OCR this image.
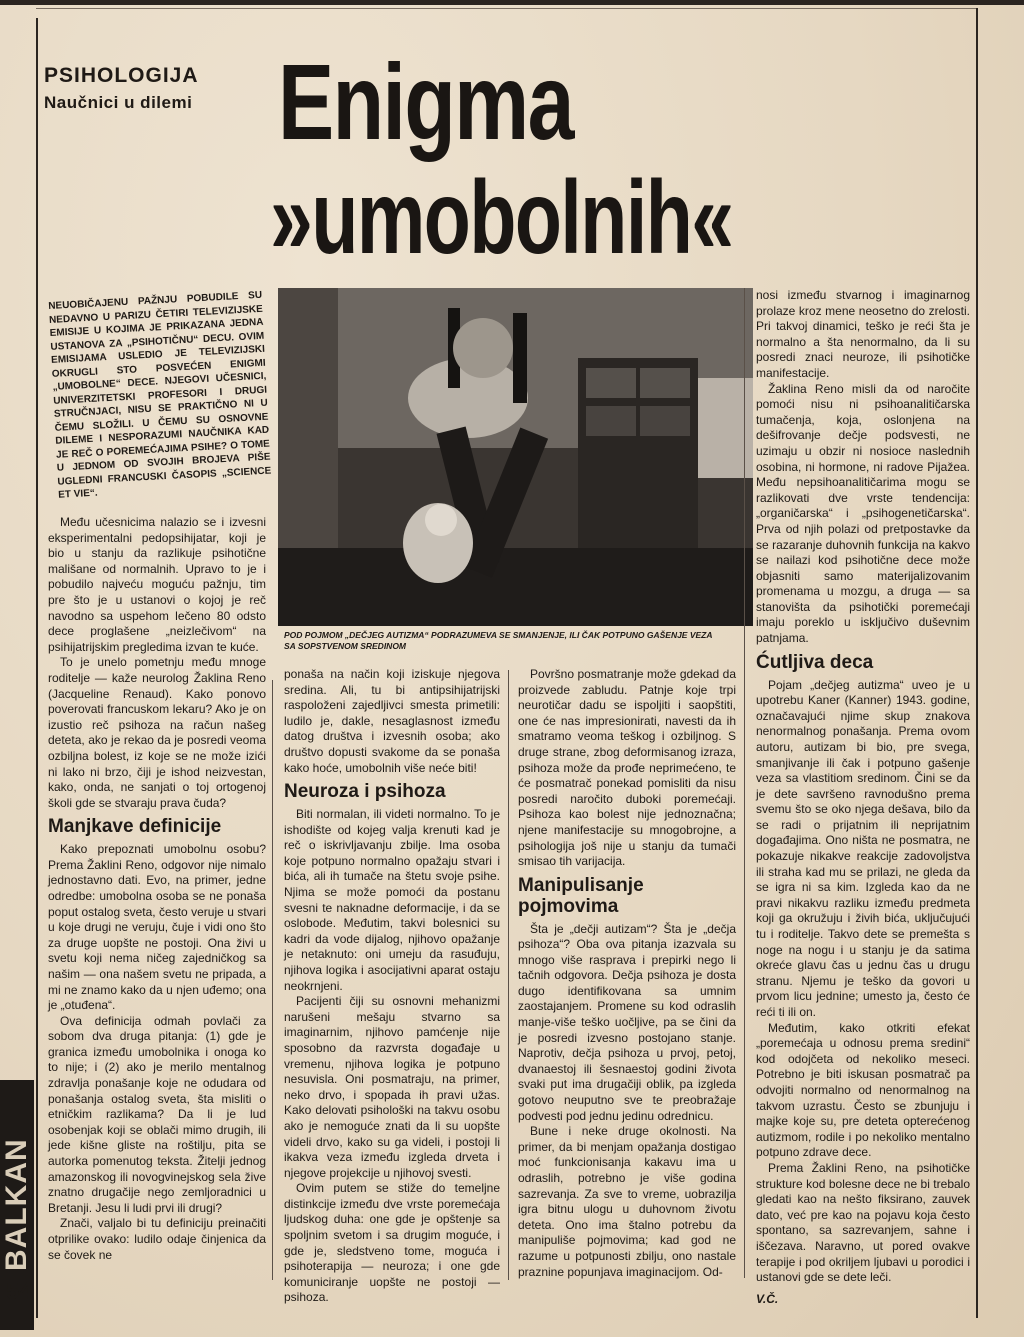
BALKAN
54
PSIHOLOGIJA
Naučnici u dilemi Enigma
»umobolnih«
NEUOBIČAJENU PAŽNJU POBUDILE SU NEDAVNO U PARIZU ČETIRI TELEVIZIJSKE EMISIJE U KOJIMA JE PRIKAZANA JEDNA USTANOVA ZA „PSIHOTIČNU“ DECU. OVIM EMISIJAMA USLEDIO JE TELEVIZIJSKI OKRUGLI STO POSVEĆEN ENIGMI „UMOBOLNE“ DECE. NJEGOVI UČESNICI, UNIVERZITETSKI PROFESORI I DRUGI STRUČNJACI, NISU SE PRAKTIČNO NI U ČEMU SLOŽILI. U ČEMU SU OSNOVNE DILEME I NESPORAZUMI NAUČNIKA KAD JE REČ O POREMEĆAJIMA PSIHE? O TOME U JEDNOM OD SVOJIH BROJEVA PIŠE UGLEDNI FRANCUSKI ČASOPIS „SCIENCE ET VIE“.
POD POJMOM „DEČJEG AUTIZMA“ PODRAZUMEVA SE SMANJENJE, ILI ČAK POTPUNO GAŠENJE VEZA SA SOPSTVENOM SREDINOM

Među učesnicima nalazio se i izvesni eksperimentalni pedopsihijatar, koji je bio u stanju da razlikuje psihotične mališane od normalnih. Upravo to je i pobudilo najveću moguću pažnju, tim pre što je u ustanovi o kojoj je reč navodno sa uspehom lečeno 80 odsto dece proglašene „neizlečivom“ na psihijatrijskim pregledima izvan te kuće.

To je unelo pometnju među mnoge roditelje — kaže neurolog Žaklina Reno (Jacqueline Renaud). Kako ponovo poverovati francuskom lekaru? Ako je on izustio reč psihoza na račun našeg deteta, ako je rekao da je posredi veoma ozbiljna bolest, iz koje se ne može izići ni lako ni brzo, čiji je ishod neizvestan, kako, onda, ne sanjati o toj ortogenoj školi gde se stvaraju prava čuda?

Manjkave definicije

Kako prepoznati umobolnu osobu? Prema Žaklini Reno, odgovor nije nimalo jednostavno dati. Evo, na primer, jedne odredbe: umobolna osoba se ne ponaša poput ostalog sveta, često veruje u stvari u koje drugi ne veruju, čuje i vidi ono što za druge uopšte ne postoji. Ona živi u svetu koji nema ničeg zajedničkog sa našim — ona našem svetu ne pripada, a mi ne znamo kako da u njen uđemo; ona je „otuđena“.

Ova definicija odmah povlači za sobom dva druga pitanja: (1) gde je granica između umobolnika i onoga ko to nije; i (2) ako je merilo mentalnog zdravlja ponašanje koje ne odudara od ponašanja ostalog sveta, šta misliti o etničkim razlikama? Da li je lud osobenjak koji se oblači mimo drugih, ili jede kišne gliste na roštilju, pita se autorka pomenutog teksta. Žitelji jednog amazonskog ili novogvinejskog sela žive znatno drugačije nego zemljoradnici u Bretanji. Jesu li ludi prvi ili drugi?

Znači, valjalo bi tu definiciju preinačiti otprilike ovako: ludilo odaje činjenica da se čovek ne

ponaša na način koji iziskuje njegova sredina. Ali, tu bi antipsihijatrijski raspoloženi zajedljivci smesta primetili: ludilo je, dakle, nesaglasnost između datog društva i izvesnih osoba; ako društvo dopusti svakome da se ponaša kako hoće, umobolnih više neće biti!

Neuroza i psihoza

Biti normalan, ili videti normalno. To je ishodište od kojeg valja krenuti kad je reč o iskrivljavanju zbilje. Ima osoba koje potpuno normalno opažaju stvari i bića, ali ih tumače na štetu svoje psihe. Njima se može pomoći da postanu svesni te naknadne deformacije, i da se oslobode. Međutim, takvi bolesnici su kadri da vode dijalog, njihovo opažanje je netaknuto: oni umeju da rasuđuju, njihova logika i asocijativni aparat ostaju neokrnjeni.

Pacijenti čiji su osnovni mehanizmi narušeni mešaju stvarno sa imaginarnim, njihovo pamćenje nije sposobno da razvrsta događaje u vremenu, njihova logika je potpuno nesuvisla. Oni posmatraju, na primer, neko drvo, i spopada ih pravi užas. Kako delovati psihološki na takvu osobu ako je nemoguće znati da li su uopšte videli drvo, kako su ga videli, i postoji li ikakva veza između izgleda drveta i njegove projekcije u njihovoj svesti.

Ovim putem se stiže do temeljne distinkcije između dve vrste poremećaja ljudskog duha: one gde je opštenje sa spoljnim svetom i sa drugim moguće, i gde je, sledstveno tome, moguća i psihoterapija — neuroza; i one gde komuniciranje uopšte ne postoji — psihoza.

Površno posmatranje može gdekad da proizvede zabludu. Patnje koje trpi neurotičar dadu se ispoljiti i saopštiti, one će nas impresionirati, navesti da ih smatramo veoma teškog i ozbiljnog. S druge strane, zbog deformisanog izraza, psihoza može da prođe neprimećeno, te će posmatrač ponekad pomisliti da nisu posredi naročito duboki poremećaji. Psihoza kao bolest nije jednoznačna; njene manifestacije su mnogobrojne, a psihologija još nije u stanju da tumači smisao tih varijacija.

Manipulisanje pojmovima

Šta je „dečji autizam“? Šta je „dečja psihoza“? Oba ova pitanja izazvala su mnogo više rasprava i prepirki nego li tačnih odgovora. Dečja psihoza je dosta dugo identifikovana sa umnim zaostajanjem. Promene su kod odraslih manje-više teško uočljive, pa se čini da je posredi izvesno postojano stanje. Naprotiv, dečja psihoza u prvoj, petoj, dvanaestoj ili šesnaestoj godini života svaki put ima drugačiji oblik, pa izgleda gotovo neuputno sve te preobražaje podvesti pod jednu jedinu odrednicu.

Bune i neke druge okolnosti. Na primer, da bi menjam opažanja dostigao moć funkcionisanja kakavu ima u odraslih, potrebno je više godina sazrevanja. Za sve to vreme, uobrazilja igra bitnu ulogu u duhovnom životu deteta. Ono ima štalno potrebu da manipuliše pojmovima; kad god ne razume u potpunosti zbilju, ono nastale praznine popunjava imaginacijom. Od-

nosi između stvarnog i imaginarnog prolaze kroz mene neosetno do zrelosti. Pri takvoj dinamici, teško je reći šta je normalno a šta nenormalno, da li su posredi znaci neuroze, ili psihotičke manifestacije.

Žaklina Reno misli da od naročite pomoći nisu ni psihoanalitičarska tumačenja, koja, oslonjena na dešifrovanje dečje podsvesti, ne uzimaju u obzir ni nosioce naslednih osobina, ni hormone, ni radove Pijažea. Među nepsihoanalitičarima mogu se razlikovati dve vrste tendencija: „organičarska“ i „psihogenetičarska“. Prva od njih polazi od pretpostavke da se razaranje duhovnih funkcija na kakvo se nailazi kod psihotične dece može objasniti samo materijalizovanim promenama u mozgu, a druga — sa stanovišta da psihotički poremećaji imaju poreklo u isključivo duševnim patnjama.

Ćutljiva deca

Pojam „dečjeg autizma“ uveo je u upotrebu Kaner (Kanner) 1943. godine, označavajući njime skup znakova nenormalnog ponašanja. Prema ovom autoru, autizam bi bio, pre svega, smanjivanje ili čak i potpuno gašenje veza sa vlastitiom sredinom. Čini se da je dete savršeno ravnodušno prema svemu što se oko njega dešava, bilo da se radi o prijatnim ili neprijatnim događajima. Ono ništa ne posmatra, ne pokazuje nikakve reakcije zadovoljstva ili straha kad mu se prilazi, ne gleda da se igra ni sa kim. Izgleda kao da ne pravi nikakvu razliku između predmeta koji ga okružuju i živih bića, uključujući tu i roditelje. Takvo dete se premešta s noge na nogu i u stanju je da satima okreće glavu čas u jednu čas u drugu stranu. Njemu je teško da govori u prvom licu jednine; umesto ja, često će reći ti ili on.

Međutim, kako otkriti efekat „poremećaja u odnosu prema sredini“ kod odojčeta od nekoliko meseci. Potrebno je biti iskusan posmatrač pa odvojiti normalno od nenormalnog na takvom uzrastu. Često se zbunjuju i majke koje su, pre deteta opterećenog autizmom, rodile i po nekoliko mentalno potpuno zdrave dece.

Prema Žaklini Reno, na psihotičke strukture kod bolesne dece ne bi trebalo gledati kao na nešto fiksirano, zauvek dato, već pre kao na pojavu koja često spontano, sa sazrevanjem, sahne i iščezava. Naravno, ut pored ovakve terapije i pod okriljem lјubavi u porodici i ustanovi gde se dete leči.

V.Č.
